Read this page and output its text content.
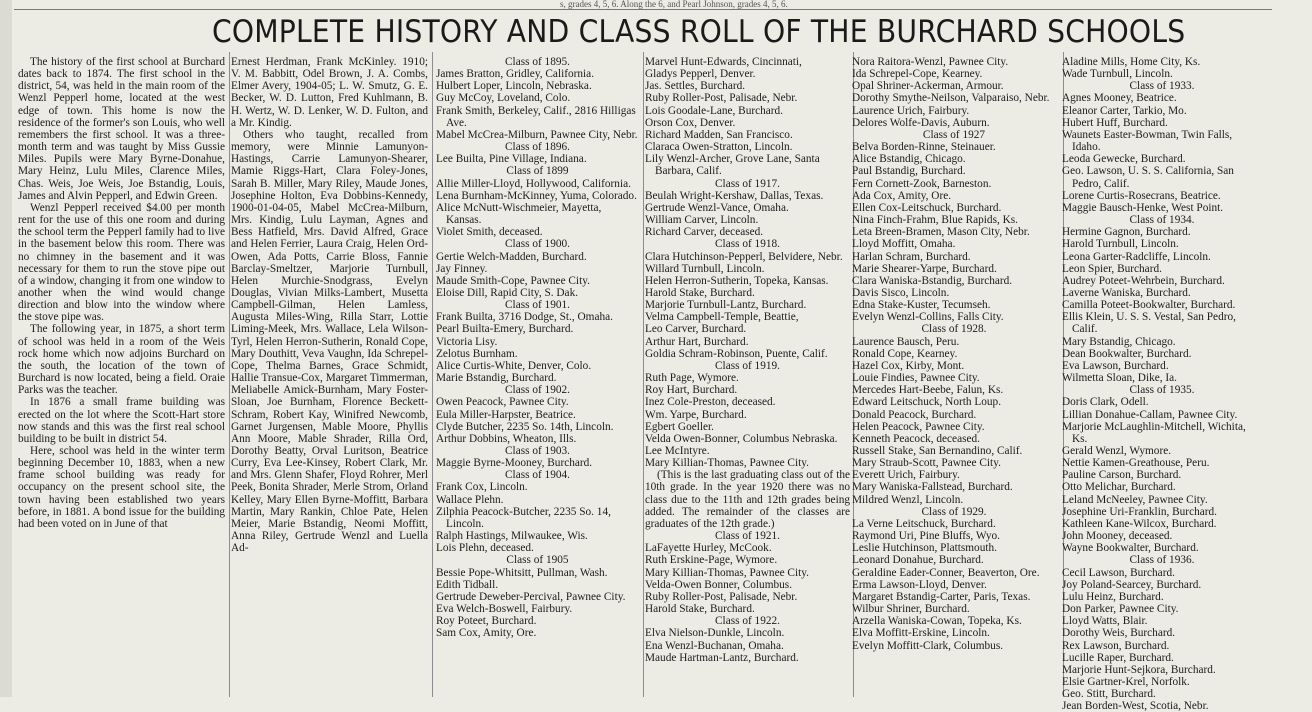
s, grades 4, 5, 6. Along the 6, and Pearl Johnson, grades 4, 5, 6.
COMPLETE HISTORY AND CLASS ROLL OF THE BURCHARD SCHOOLS

The history of the first school at Burchard dates back to 1874. The first school in the district, 54, was held in the main room of the Wenzl Pepperl home, located at the west edge of town. This home is now the residence of the former's son Louis, who well remembers the first school. It was a three-month term and was taught by Miss Gussie Miles. Pupils were Mary Byrne-Donahue, Mary Heinz, Lulu Miles, Clarence Miles, Chas. Weis, Joe Weis, Joe Bstandig, Louis, James and Alvin Pepperl, and Edwin Green.

Wenzl Pepperl received $4.00 per month rent for the use of this one room and during the school term the Pepperl family had to live in the basement below this room. There was no chimney in the basement and it was necessary for them to run the stove pipe out of a window, changing it from one window to another when the wind would change direction and blow into the window where the stove pipe was.

The following year, in 1875, a short term of school was held in a room of the Weis rock home which now adjoins Burchard on the south, the location of the town of Burchard is now located, being a field. Oraie Parks was the teacher.

In 1876 a small frame building was erected on the lot where the Scott-Hart store now stands and this was the first real school building to be built in district 54.

Here, school was held in the winter term beginning December 10, 1883, when a new frame school building was ready for occupancy on the present school site, the town having been established two years before, in 1881. A bond issue for the building had been voted on in June of that

Ernest Herdman, Frank McKinley. 1910; V. M. Babbitt, Odel Brown, J. A. Combs, Elmer Avery, 1904-05; L. W. Smutz, G. E. Becker, W. D. Lutton, Fred Kuhlmann, B. H. Wertz, W. D. Lenker, W. D. Fulton, and a Mr. Kindig.

Others who taught, recalled from memory, were Minnie Lamunyon-Hastings, Carrie Lamunyon-Shearer, Mamie Riggs-Hart, Clara Foley-Jones, Sarah B. Miller, Mary Riley, Maude Jones, Josephine Holton, Eva Dobbins-Kennedy, 1900-01-04-05, Mabel McCrea-Milburn, Mrs. Kindig, Lulu Layman, Agnes and Bess Hatfield, Mrs. David Alfred, Grace and Helen Ferrier, Laura Craig, Helen Ord-Owen, Ada Potts, Carrie Bloss, Fannie Barclay-Smeltzer, Marjorie Turnbull, Helen Murchie-Snodgrass, Evelyn Douglas, Vivian Milks-Lambert, Musetta Campbell-Gilman, Helen Lamless, Augusta Miles-Wing, Rilla Starr, Lottie Liming-Meek, Mrs. Wallace, Lela Wilson-Tyrl, Helen Herron-Sutherin, Ronald Cope, Mary Douthitt, Veva Vaughn, Ida Schrepel-Cope, Thelma Barnes, Grace Schmidt, Hallie Transue-Cox, Margaret Timmerman, Meliabelle Amick-Burnham, Mary Foster-Sloan, Joe Burnham, Florence Beckett-Schram, Robert Kay, Winifred Newcomb, Garnet Jurgensen, Mable Moore, Phyllis Ann Moore, Mable Shrader, Rilla Ord, Dorothy Beatty, Orval Luritson, Beatrice Curry, Eva Lee-Kinsey, Robert Clark, Mr. and Mrs. Glenn Shafer, Floyd Rohrer, Merl Peek, Bonita Shrader, Merle Strom, Orland Kelley, Mary Ellen Byrne-Moffitt, Barbara Martin, Mary Rankin, Chloe Pate, Helen Meier, Marie Bstandig, Neomi Moffitt, Anna Riley, Gertrude Wenzl and Luella Ad-

Class of 1895.

James Bratton, Gridley, California.

Hulbert Loper, Lincoln, Nebraska.

Guy McCoy, Loveland, Colo.

Frank Smith, Berkeley, Calif., 2816 Hilligas Ave.

Mabel McCrea-Milburn, Pawnee City, Nebr.

Class of 1896.

Lee Builta, Pine Village, Indiana.

Class of 1899

Allie Miller-Lloyd, Hollywood, California.

Lena Burnham-McKinney, Yuma, Colorado.

Alice McNutt-Wischmeier, Mayetta, Kansas.

Violet Smith, deceased.

Class of 1900.

Gertie Welch-Madden, Burchard.

Jay Finney.

Maude Smith-Cope, Pawnee City.

Eloise Dill, Rapid City, S. Dak.

Class of 1901.

Frank Builta, 3716 Dodge, St., Omaha.

Pearl Builta-Emery, Burchard.

Victoria Lisy.

Zelotus Burnham.

Alice Curtis-White, Denver, Colo.

Marie Bstandig, Burchard.

Class of 1902.

Owen Peacock, Pawnee City.

Eula Miller-Harpster, Beatrice.

Clyde Butcher, 2235 So. 14th, Lincoln.

Arthur Dobbins, Wheaton, Ills.

Class of 1903.

Maggie Byrne-Mooney, Burchard.

Class of 1904.

Frank Cox, Lincoln.

Wallace Plehn.

Zilphia Peacock-Butcher, 2235 So. 14, Lincoln.

Ralph Hastings, Milwaukee, Wis.

Lois Plehn, deceased.

Class of 1905

Bessie Pope-Whitsitt, Pullman, Wash.

Edith Tidball.

Gertrude Deweber-Percival, Pawnee City.

Eva Welch-Boswell, Fairbury.

Roy Poteet, Burchard.

Sam Cox, Amity, Ore.

Marvel Hunt-Edwards, Cincinnati,

Gladys Pepperl, Denver.

Jas. Settles, Burchard.

Ruby Roller-Post, Palisade, Nebr.

Lois Goodale-Lane, Burchard.

Orson Cox, Denver.

Richard Madden, San Francisco.

Claraca Owen-Stratton, Lincoln.

Lily Wenzl-Archer, Grove Lane, Santa Barbara, Calif.

Class of 1917.

Beulah Wright-Kershaw, Dallas, Texas.

Gertrude Wenzl-Vance, Omaha.

William Carver, Lincoln.

Richard Carver, deceased.

Class of 1918.

Clara Hutchinson-Pepperl, Belvidere, Nebr.

Willard Turnbull, Lincoln.

Helen Herron-Sutherin, Topeka, Kansas.

Harold Stake, Burchard.

Marjorie Turnbull-Lantz, Burchard.

Velma Campbell-Temple, Beattie,

Leo Carver, Burchard.

Arthur Hart, Burchard.

Goldia Schram-Robinson, Puente, Calif.

Class of 1919.

Ruth Page, Wymore.

Roy Hart, Burchard.

Inez Cole-Preston, deceased.

Wm. Yarpe, Burchard.

Egbert Goeller.

Velda Owen-Bonner, Columbus Nebraska.

Lee McIntyre.

Mary Killian-Thomas, Pawnee City.

(This is the last graduating class out of the 10th grade. In the year 1920 there was no class due to the 11th and 12th grades being added. The remainder of the classes are graduates of the 12th grade.)

Class of 1921.

LaFayette Hurley, McCook.

Ruth Erskine-Page, Wymore.

Mary Killian-Thomas, Pawnee City.

Velda-Owen Bonner, Columbus.

Ruby Roller-Post, Palisade, Nebr.

Harold Stake, Burchard.

Class of 1922.

Elva Nielson-Dunkle, Lincoln.

Ena Wenzl-Buchanan, Omaha.

Maude Hartman-Lantz, Burchard.

Nora Raitora-Wenzl, Pawnee City.

Ida Schrepel-Cope, Kearney.

Opal Shriner-Ackerman, Armour.

Dorothy Smythe-Neilson, Valparaiso, Nebr.

Laurence Urich, Fairbury.

Delores Wolfe-Davis, Auburn.

Class of 1927

Belva Borden-Rinne, Steinauer.

Alice Bstandig, Chicago.

Paul Bstandig, Burchard.

Fern Cornett-Zook, Barneston.

Ada Cox, Amity, Ore.

Ellen Cox-Leitschuck, Burchard.

Nina Finch-Frahm, Blue Rapids, Ks.

Leta Breen-Bramen, Mason City, Nebr.

Lloyd Moffitt, Omaha.

Harlan Schram, Burchard.

Marie Shearer-Yarpe, Burchard.

Clara Waniska-Bstandig, Burchard.

Davis Sisco, Lincoln.

Edna Stake-Kuster, Tecumseh.

Evelyn Wenzl-Collins, Falls City.

Class of 1928.

Laurence Bausch, Peru.

Ronald Cope, Kearney.

Hazel Cox, Kirby, Mont.

Louie Findies, Pawnee City.

Mercedes Hart-Beebe, Falun, Ks.

Edward Leitschuck, North Loup.

Donald Peacock, Burchard.

Helen Peacock, Pawnee City.

Kenneth Peacock, deceased.

Russell Stake, San Bernandino, Calif.

Mary Straub-Scott, Pawnee City.

Everett Urich, Fairbury.

Mary Waniska-Fallstead, Burchard.

Mildred Wenzl, Lincoln.

Class of 1929.

La Verne Leitschuck, Burchard.

Raymond Uri, Pine Bluffs, Wyo.

Leslie Hutchinson, Plattsmouth.

Leonard Donahue, Burchard.

Geraldine Eader-Conner, Beaverton, Ore.

Erma Lawson-Lloyd, Denver.

Margaret Bstandig-Carter, Paris, Texas.

Wilbur Shriner, Burchard.

Arzella Waniska-Cowan, Topeka, Ks.

Elva Moffitt-Erskine, Lincoln.

Evelyn Moffitt-Clark, Columbus.

Aladine Mills, Home City, Ks.

Wade Turnbull, Lincoln.

Class of 1933.

Agnes Mooney, Beatrice.

Eleanor Carter, Tarkio, Mo.

Hubert Huff, Burchard.

Waunets Easter-Bowman, Twin Falls, Idaho.

Leoda Gewecke, Burchard.

Geo. Lawson, U. S. S. California, San Pedro, Calif.

Lorene Curtis-Rosecrans, Beatrice.

Maggie Bausch-Henke, West Point.

Class of 1934.

Hermine Gagnon, Burchard.

Harold Turnbull, Lincoln.

Leona Garter-Radcliffe, Lincoln.

Leon Spier, Burchard.

Audrey Poteet-Wehrbein, Burchard.

Laverne Waniska, Burchard.

Camilla Poteet-Bookwalter, Burchard.

Ellis Klein, U. S. S. Vestal, San Pedro, Calif.

Mary Bstandig, Chicago.

Dean Bookwalter, Burchard.

Eva Lawson, Burchard.

Wilmetta Sloan, Dike, Ia.

Class of 1935.

Doris Clark, Odell.

Lillian Donahue-Callam, Pawnee City.

Marjorie McLaughlin-Mitchell, Wichita, Ks.

Gerald Wenzl, Wymore.

Nettie Kamen-Greathouse, Peru.

Pauline Carson, Burchard.

Otto Melichar, Burchard.

Leland McNeeley, Pawnee City.

Josephine Uri-Franklin, Burchard.

Kathleen Kane-Wilcox, Burchard.

John Mooney, deceased.

Wayne Bookwalter, Burchard.

Class of 1936.

Cecil Lawson, Burchard.

Joy Poland-Searcey, Burchard.

Lulu Heinz, Burchard.

Don Parker, Pawnee City.

Lloyd Watts, Blair.

Dorothy Weis, Burchard.

Rex Lawson, Burchard.

Lucille Raper, Burchard.

Marjorie Hunt-Sejkora, Burchard.

Elsie Gartner-Krel, Norfolk.

Geo. Stitt, Burchard.

Jean Borden-West, Scotia, Nebr.
